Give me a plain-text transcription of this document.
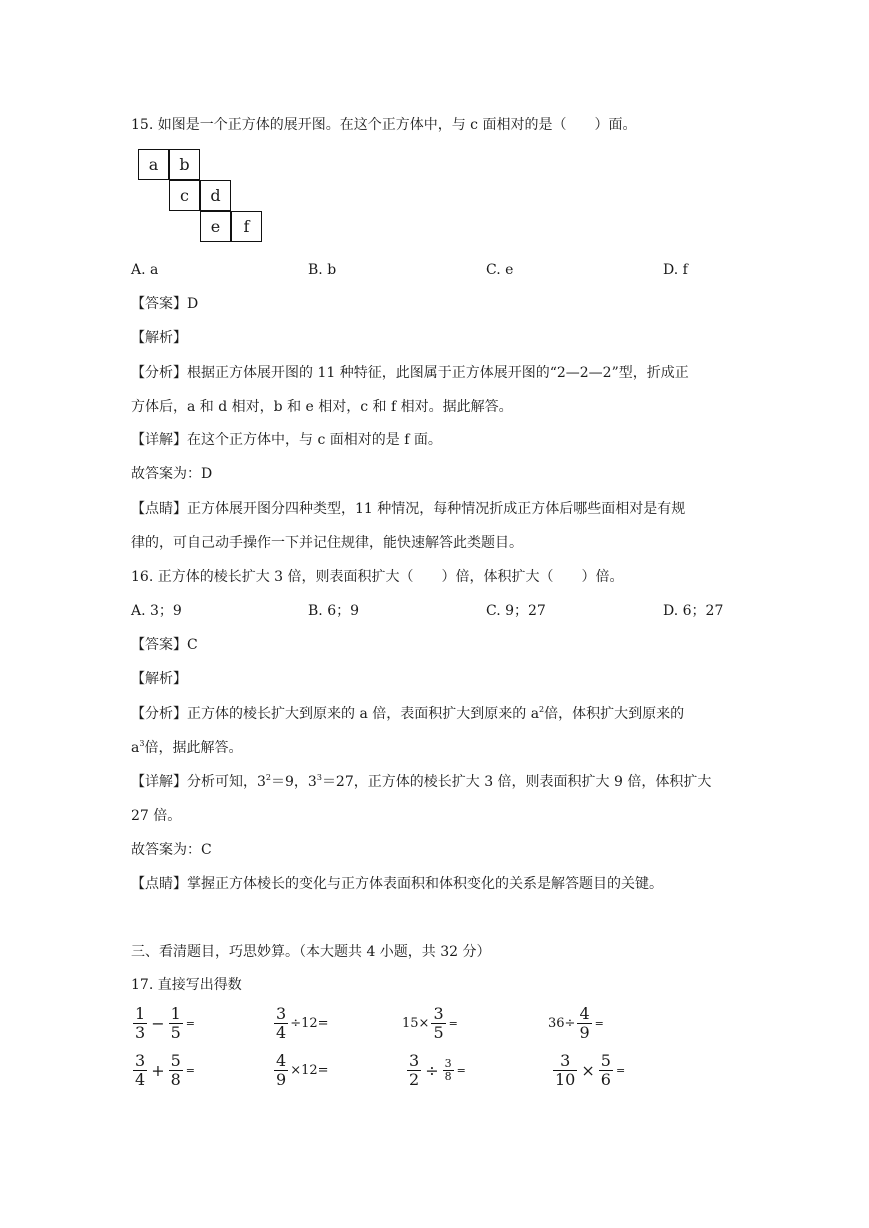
15. 如图是一个正方体的展开图。在这个正方体中，与 c 面相对的是（　　）面。
a	b
c	d
e	f
A. a	B. b	C. e	D. f
【答案】D
【解析】
【分析】根据正方体展开图的 11 种特征，此图属于正方体展开图的“2—2—2”型，折成正
方体后，a 和 d 相对，b 和 e 相对，c 和 f 相对。据此解答。
【详解】在这个正方体中，与 c 面相对的是 f 面。
故答案为：D
【点睛】正方体展开图分四种类型，11 种情况，每种情况折成正方体后哪些面相对是有规
律的，可自己动手操作一下并记住规律，能快速解答此类题目。
16. 正方体的棱长扩大 3 倍，则表面积扩大（　　）倍，体积扩大（　　）倍。
A. 3；9	B. 6；9	C. 9；27	D. 6；27
【答案】C
【解析】
【分析】正方体的棱长扩大到原来的 a 倍，表面积扩大到原来的 $a^2$倍，体积扩大到原来的
$a^3$倍，据此解答。
【详解】分析可知，$3^2=9$，$3^3=27$，正方体的棱长扩大 3 倍，则表面积扩大 9 倍，体积扩大
27 倍。
故答案为：C
【点睛】掌握正方体棱长的变化与正方体表面积和体积变化的关系是解答题目的关键。
三、看清题目，巧思妙算。（本大题共 4 小题，共 32 分）
17. 直接写出得数
$\frac{1}{3} - \frac{1}{5}$ =	$\frac{3}{4} \div 12=$	$15\times \frac{3}{5}$ =	$36\div \frac{4}{9}$ =
$\frac{3}{4} + \frac{5}{8}$ =	$\frac{4}{9} \times 12=$	$\frac{3}{2} \div \frac{3}{8}$ =	$\frac{3}{10} \times \frac{5}{6}$ =
